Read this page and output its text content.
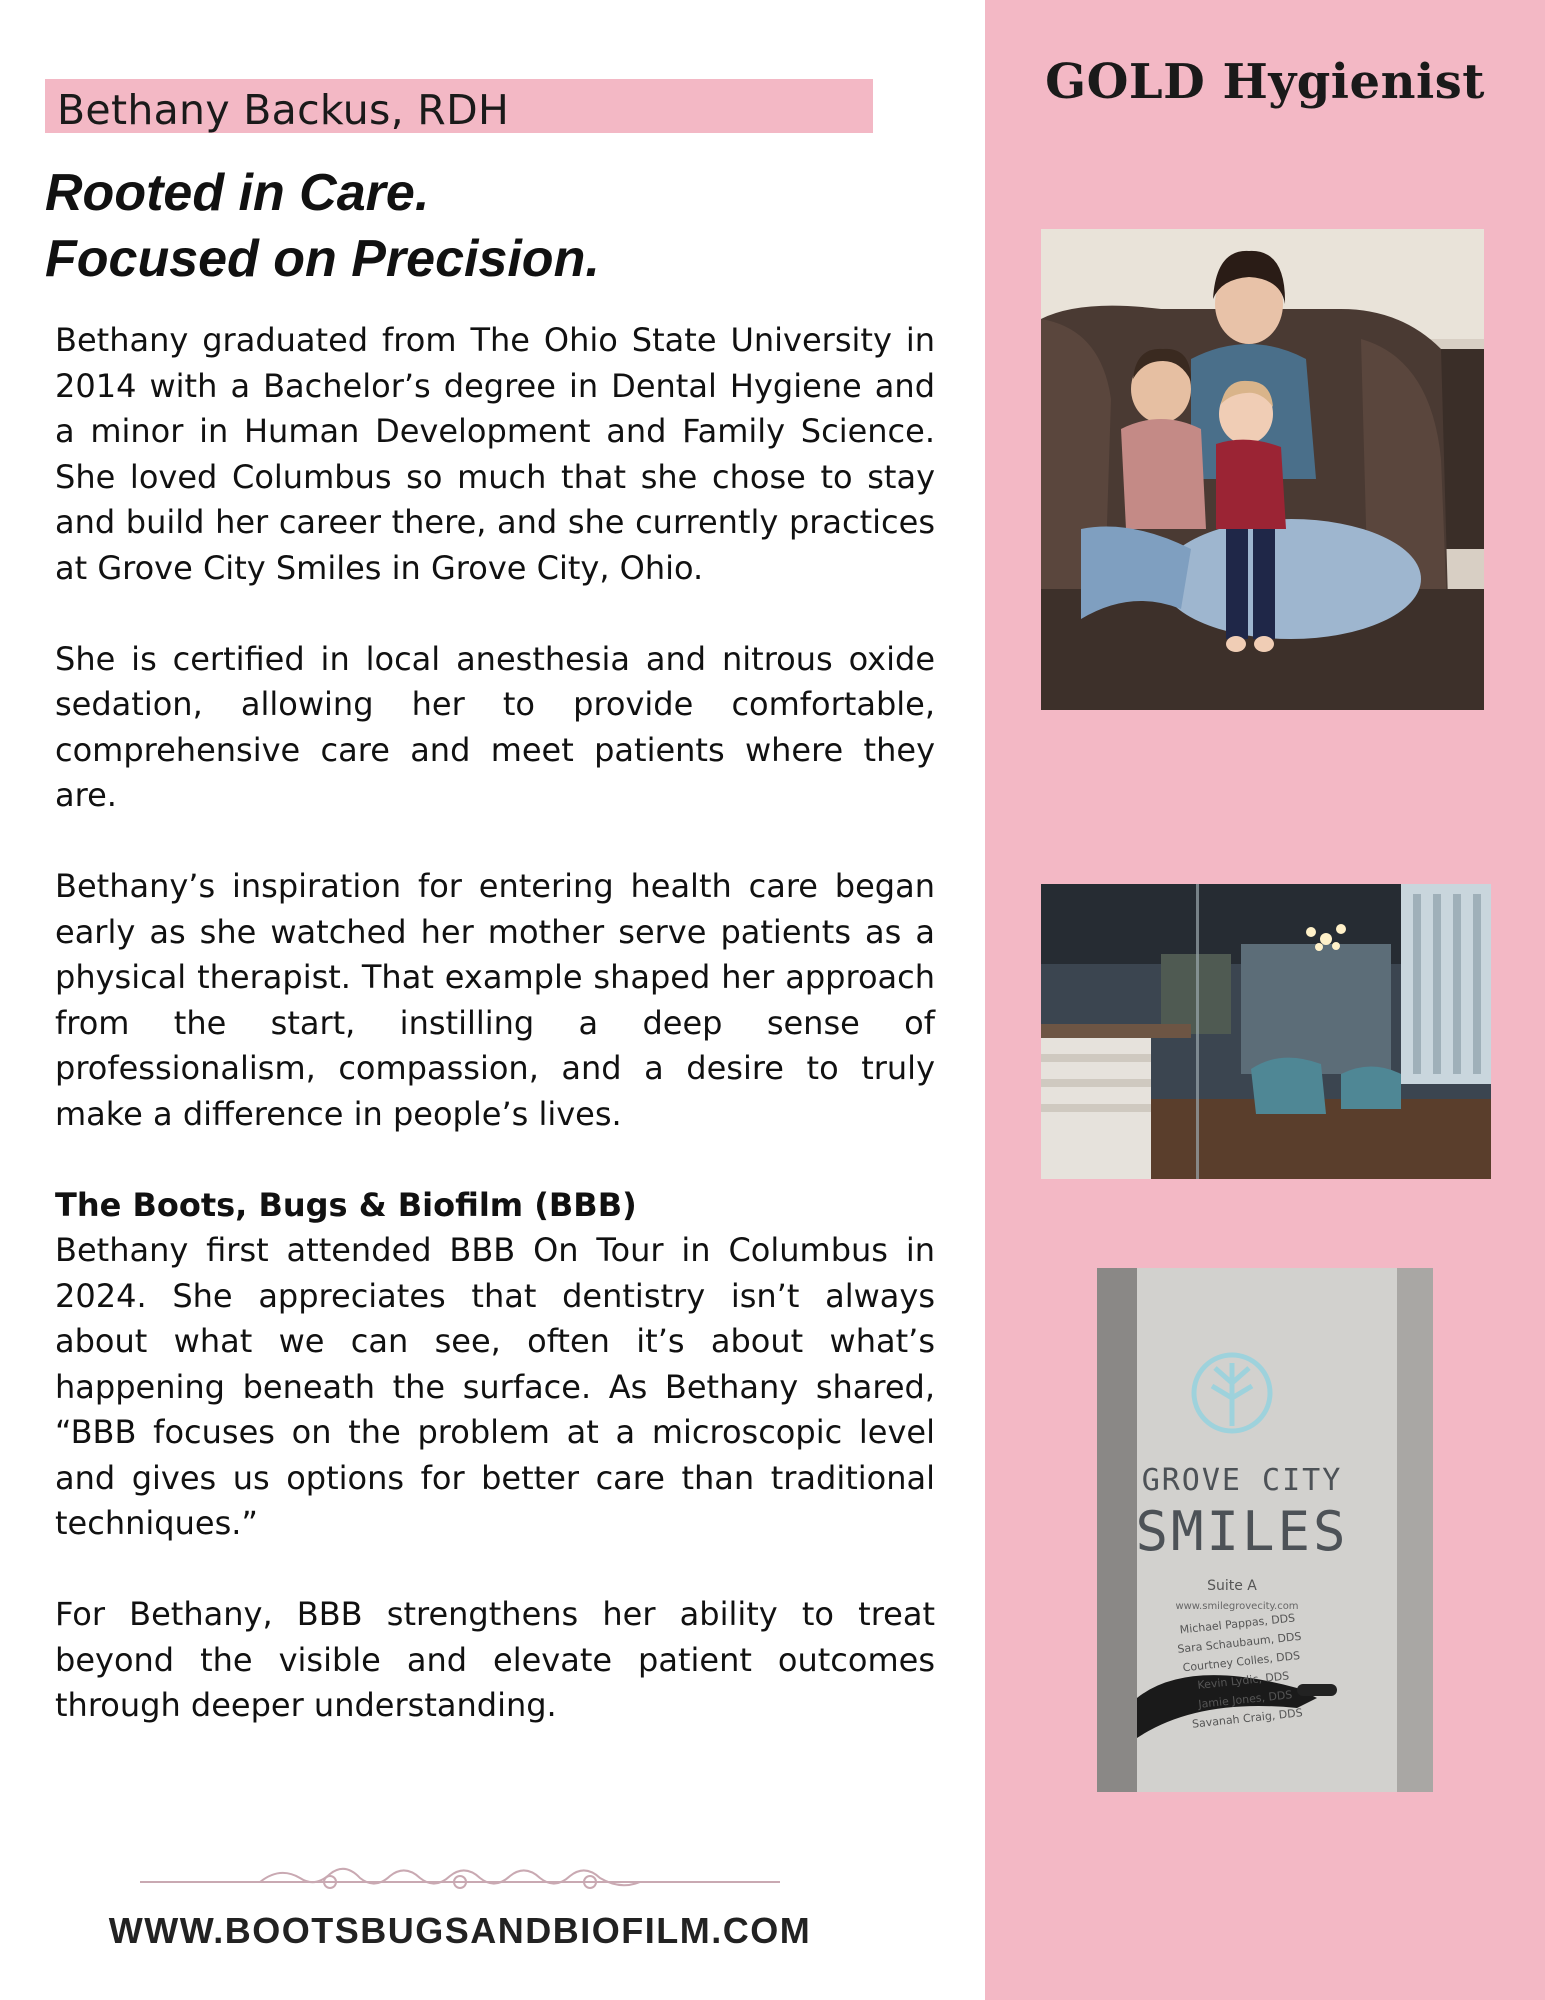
GOLD Hygienist
Bethany Backus, RDH
Rooted in Care.
Focused on Precision.

Bethany graduated from The Ohio State University in 2014 with a Bachelor’s degree in Dental Hygiene and a minor in Human Development and Family Science. She loved Columbus so much that she chose to stay and build her career there, and she currently practices at Grove City Smiles in Grove City, Ohio.

She is certified in local anesthesia and nitrous oxide sedation, allowing her to provide comfortable, comprehensive care and meet patients where they are.

Bethany’s inspiration for entering health care began early as she watched her mother serve patients as a physical therapist. That example shaped her approach from the start, instilling a deep sense of professionalism, compassion, and a desire to truly make a difference in people’s lives.

The Boots, Bugs & Biofilm (BBB)
Bethany first attended BBB On Tour in Columbus in 2024. She appreciates that dentistry isn’t always about what we can see, often it’s about what’s happening beneath the surface. As Bethany shared, “BBB focuses on the problem at a microscopic level and gives us options for better care than traditional techniques.”

For Bethany, BBB strengthens her ability to treat beyond the visible and elevate patient outcomes through deeper understanding.

GROVE CITY
SMILES
Suite A
www.smilegrovecity.com
Michael Pappas, DDS
Sara Schaubaum, DDS
Courtney Colles, DDS
Kevin Lydic, DDS
Jamie Jones, DDS
Savanah Craig, DDS
WWW.BOOTSBUGSANDBIOFILM.COM
